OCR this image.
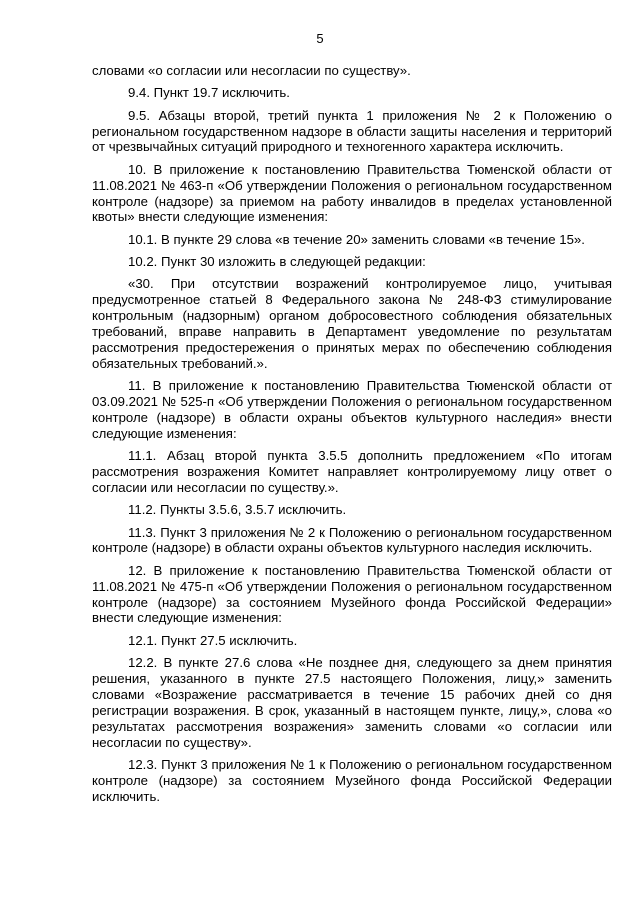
5

словами «о согласии или несогласии по существу».

9.4. Пункт 19.7 исключить.

9.5. Абзацы второй, третий пункта 1 приложения № 2 к Положению о региональном государственном надзоре в области защиты населения и территорий от чрезвычайных ситуаций природного и техногенного характера исключить.

10. В приложение к постановлению Правительства Тюменской области от 11.08.2021 № 463-п «Об утверждении Положения о региональном государственном контроле (надзоре) за приемом на работу инвалидов в пределах установленной квоты» внести следующие изменения:

10.1. В пункте 29 слова «в течение 20» заменить словами «в течение 15».

10.2. Пункт 30 изложить в следующей редакции:

«30. При отсутствии возражений контролируемое лицо, учитывая предусмотренное статьей 8 Федерального закона № 248-ФЗ стимулирование контрольным (надзорным) органом добросовестного соблюдения обязательных требований, вправе направить в Департамент уведомление по результатам рассмотрения предостережения о принятых мерах по обеспечению соблюдения обязательных требований.».

11. В приложение к постановлению Правительства Тюменской области от 03.09.2021 № 525-п «Об утверждении Положения о региональном государственном контроле (надзоре) в области охраны объектов культурного наследия» внести следующие изменения:

11.1. Абзац второй пункта 3.5.5 дополнить предложением «По итогам рассмотрения возражения Комитет направляет контролируемому лицу ответ о согласии или несогласии по существу.».

11.2. Пункты 3.5.6, 3.5.7 исключить.

11.3. Пункт 3 приложения № 2 к Положению о региональном государственном контроле (надзоре) в области охраны объектов культурного наследия исключить.

12. В приложение к постановлению Правительства Тюменской области от 11.08.2021 № 475-п «Об утверждении Положения о региональном государственном контроле (надзоре) за состоянием Музейного фонда Российской Федерации» внести следующие изменения:

12.1. Пункт 27.5 исключить.

12.2. В пункте 27.6 слова «Не позднее дня, следующего за днем принятия решения, указанного в пункте 27.5 настоящего Положения, лицу,» заменить словами «Возражение рассматривается в течение 15 рабочих дней со дня регистрации возражения. В срок, указанный в настоящем пункте, лицу,», слова «о результатах рассмотрения возражения» заменить словами «о согласии или несогласии по существу».

12.3. Пункт 3 приложения № 1 к Положению о региональном государственном контроле (надзоре) за состоянием Музейного фонда Российской Федерации исключить.
